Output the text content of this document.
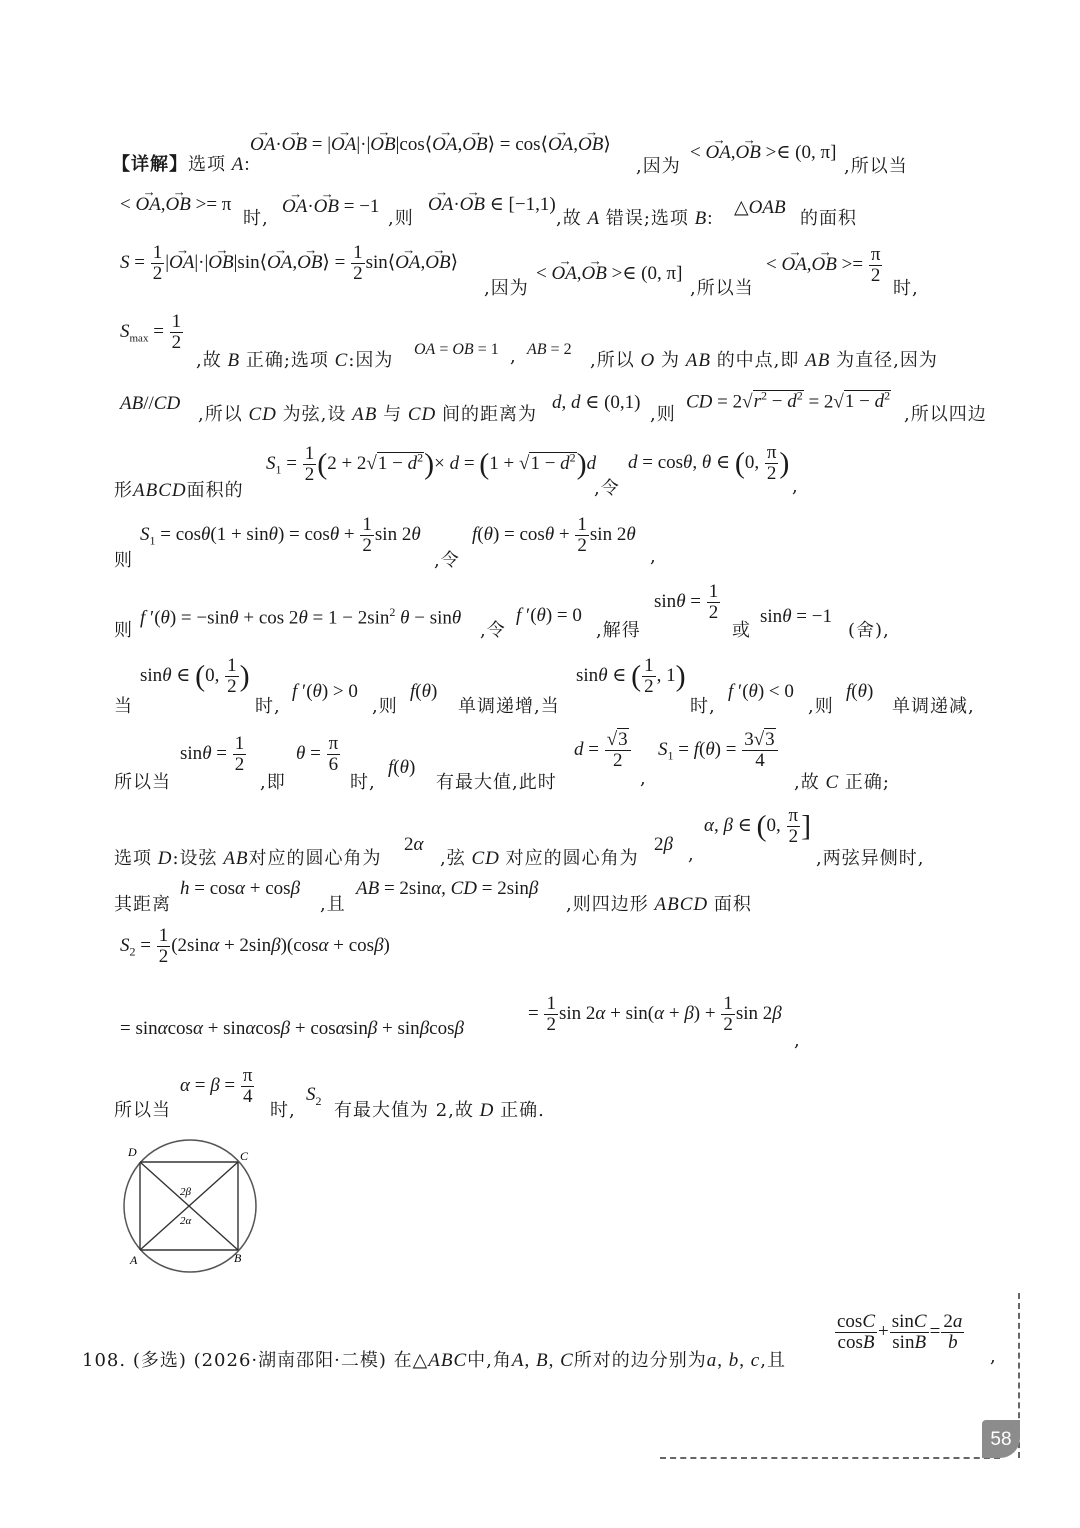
【详解】选项 A:
→ OA·→ OB = |→ OA|·|→ OB|cos⟨→ OA,→ OB⟩ = cos⟨→ OA,→ OB⟩
,因为
< → OA,→ OB >∈ (0, π]
,所以当
< → OA,→ OB >= π
时,
→ OA·→ OB = −1
,则
→ OA·→ OB ∈ [−1,1)
,故 A 错误;选项 B:
△OAB
的面积
$S = \frac{1}{2}$ |→ OA|·|→ OB|sin⟨→ OA,→ OB⟩ = $\frac{1}{2}$ sin⟨→ OA,→ OB⟩
,因为
< → OA,→ OB >∈ (0, π]
,所以当
< → OA,→ OB >= $\frac{\pi}{2}$
时,
$S_{max} = \frac{1}{2}$
,故 B 正确;选项 C:因为
OA = OB = 1 , AB = 2
,所以 O 为 AB 的中点,即 AB 为直径,因为
AB//CD
,所以 CD 为弦,设 AB 与 CD 间的距离为
d, d ∈ (0,1)
,则
CD = $2√r^2 - d^2 = 2√1 - d^2$
,所以四边
形ABCD面积的
$S_1 = \frac{1}{2} (2 + 2√1 - d^2)\times d = (1 + √1 - d^2)d$
,令
d = cosθ, θ ∈ (0, $\frac{\pi}{2}$ )
,
则
$S_1 = \cos\theta(1 + \sin\theta) = \cos\theta + \frac{1}{2}$ sin 2θ
,令
$f(\theta) = \cos\theta + \frac{1}{2}$ sin 2θ
,
则
f $'(\theta) = -\sin\theta + \cos 2\theta = 1 - 2\sin^2$ θ − sinθ
,令
f ′(θ) = 0
,解得
$\sin\theta = \frac{1}{2}$
或
sinθ = −1
(舍),
当
sinθ ∈ (0, $\frac{1}{2}$ )
时,
f ′(θ) > 0
,则
f(θ)
单调递增,当
sinθ ∈ ( $\frac{1}{2}$ , 1)
时,
f ′(θ) < 0
,则
f(θ)
单调递减,
所以当
$\sin\theta = \frac{1}{2}$
,即
$\theta = \frac{\pi}{6}$
时,
f(θ)
有最大值,此时
$d = \frac{√3}{2}$
,
$S_1 = f(\theta) = \frac{3√3}{4}$
,故 C 正确;
选项 D:设弦 AB对应的圆心角为
2α
,弦 CD 对应的圆心角为
2β ,
α, β ∈ (0, $\frac{\pi}{2}$ ]
,两弦异侧时,
其距离
h = cosα + cosβ
,且
AB = 2sinα, CD = 2sinβ
,则四边形 ABCD 面积
$S_2 = \frac{1}{2} (2\sin\alpha + 2\sin\beta)(\cos\alpha + \cos\beta)$
= sinαcosα + sinαcosβ + cosαsinβ + sinβcosβ
= $\frac{1}{2}$ $\sin 2\alpha + \sin(\alpha + \beta) + \frac{1}{2}$ sin 2β
,
所以当
$\alpha = \beta = \frac{\pi}{4}$
时,
$S_2$ 有最大值为 2,故 D 正确.
D	C
A	B
2β
2α
108. (多选) (2026·湖南邵阳·二模) 在△ABC中,角A, B, C所对的边分别为a, b, c,且
$\frac{\cos C}{\cos B} + \frac{\sin C}{\sin B} = \frac{2a}{b}$
,
58
